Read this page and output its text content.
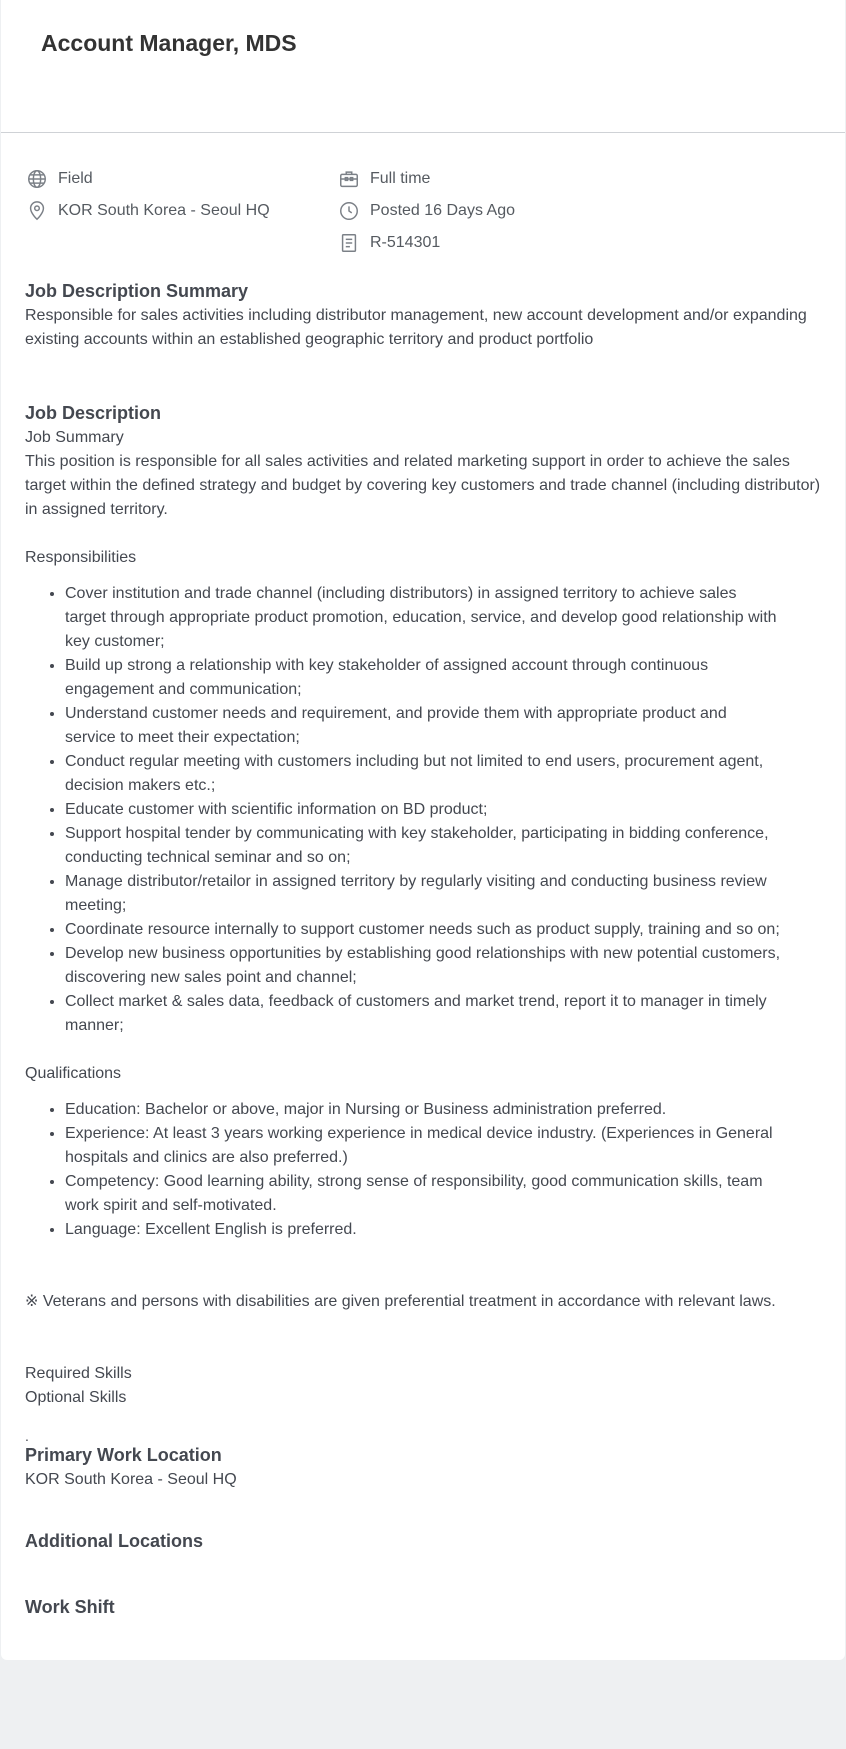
Account Manager, MDS
Field
KOR South Korea - Seoul HQ
Full time
Posted 16 Days Ago
R-514301
Job Description Summary

Responsible for sales activities including distributor management, new account development and/or expanding existing accounts within an established geographic territory and product portfolio

Job Description

Job Summary

This position is responsible for all sales activities and related marketing support in order to achieve the sales target within the defined strategy and budget by covering key customers and trade channel (including distributor) in assigned territory.

Responsibilities

• Cover institution and trade channel (including distributors) in assigned territory to achieve sales target through appropriate product promotion, education, service, and develop good relationship with key customer;
• Build up strong a relationship with key stakeholder of assigned account through continuous engagement and communication;
• Understand customer needs and requirement, and provide them with appropriate product and service to meet their expectation;
• Conduct regular meeting with customers including but not limited to end users, procurement agent, decision makers etc.;
• Educate customer with scientific information on BD product;
• Support hospital tender by communicating with key stakeholder, participating in bidding conference, conducting technical seminar and so on;
• Manage distributor/retailor in assigned territory by regularly visiting and conducting business review meeting;
• Coordinate resource internally to support customer needs such as product supply, training and so on;
• Develop new business opportunities by establishing good relationships with new potential customers, discovering new sales point and channel;
• Collect market & sales data, feedback of customers and market trend, report it to manager in timely manner;

Qualifications

• Education: Bachelor or above, major in Nursing or Business administration preferred.
• Experience: At least 3 years working experience in medical device industry. (Experiences in General hospitals and clinics are also preferred.)
• Competency: Good learning ability, strong sense of responsibility, good communication skills, team work spirit and self-motivated.
• Language: Excellent English is preferred.

※ Veterans and persons with disabilities are given preferential treatment in accordance with relevant laws.

Required Skills

Optional Skills

.

Primary Work Location

KOR South Korea - Seoul HQ

Additional Locations
Work Shift
